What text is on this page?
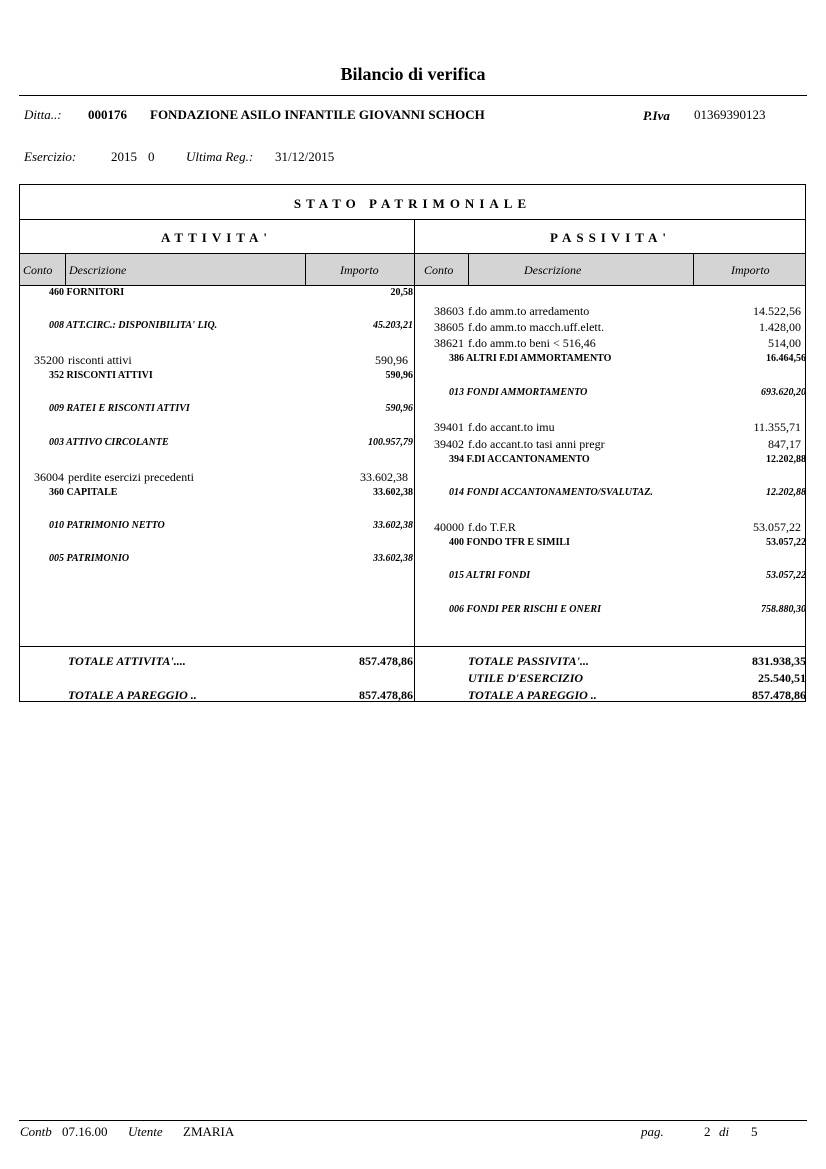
Bilancio di verifica
Ditta..: 000176 FONDAZIONE ASILO INFANTILE GIOVANNI SCHOCH	P.Iva 01369390123
Esercizio:	2015 0 Ultima Reg.: 31/12/2015
STATO PATRIMONIALE
ATTIVITA'	PASSIVITA'
Conto Descrizione	Importo	Conto	Descrizione	Importo
460 FORNITORI	20,58
008 ATT.CIRC.: DISPONIBILITA' LIQ.	45.203,21
35200 risconti attivi	590,96
352 RISCONTI ATTIVI	590,96
009 RATEI E RISCONTI ATTIVI	590,96
003 ATTIVO CIRCOLANTE	100.957,79
36004 perdite esercizi precedenti	33.602,38
360 CAPITALE	33.602,38
010 PATRIMONIO NETTO	33.602,38
005 PATRIMONIO	33.602,38
38603 f.do amm.to arredamento	14.522,56
38605 f.do amm.to macch.uff.elett.	1.428,00
38621 f.do amm.to beni < 516,46	514,00
386 ALTRI F.DI AMMORTAMENTO	16.464,56
013 FONDI AMMORTAMENTO	693.620,20
39401 f.do accant.to imu	11.355,71
39402 f.do accant.to tasi anni pregr	847,17
394 F.DI ACCANTONAMENTO	12.202,88
014 FONDI ACCANTONAMENTO/SVALUTAZ.	12.202,88
40000 f.do T.F.R	53.057,22
400 FONDO TFR E SIMILI	53.057,22
015 ALTRI FONDI	53.057,22
006 FONDI PER RISCHI E ONERI	758.880,30
TOTALE ATTIVITA'....	857.478,86
TOTALE A PAREGGIO ..	857.478,86
TOTALE PASSIVITA'...	831.938,35
UTILE D'ESERCIZIO	25.540,51
TOTALE A PAREGGIO ..	857.478,86
Contb 07.16.00 Utente ZMARIA	pag.	2 di 5
